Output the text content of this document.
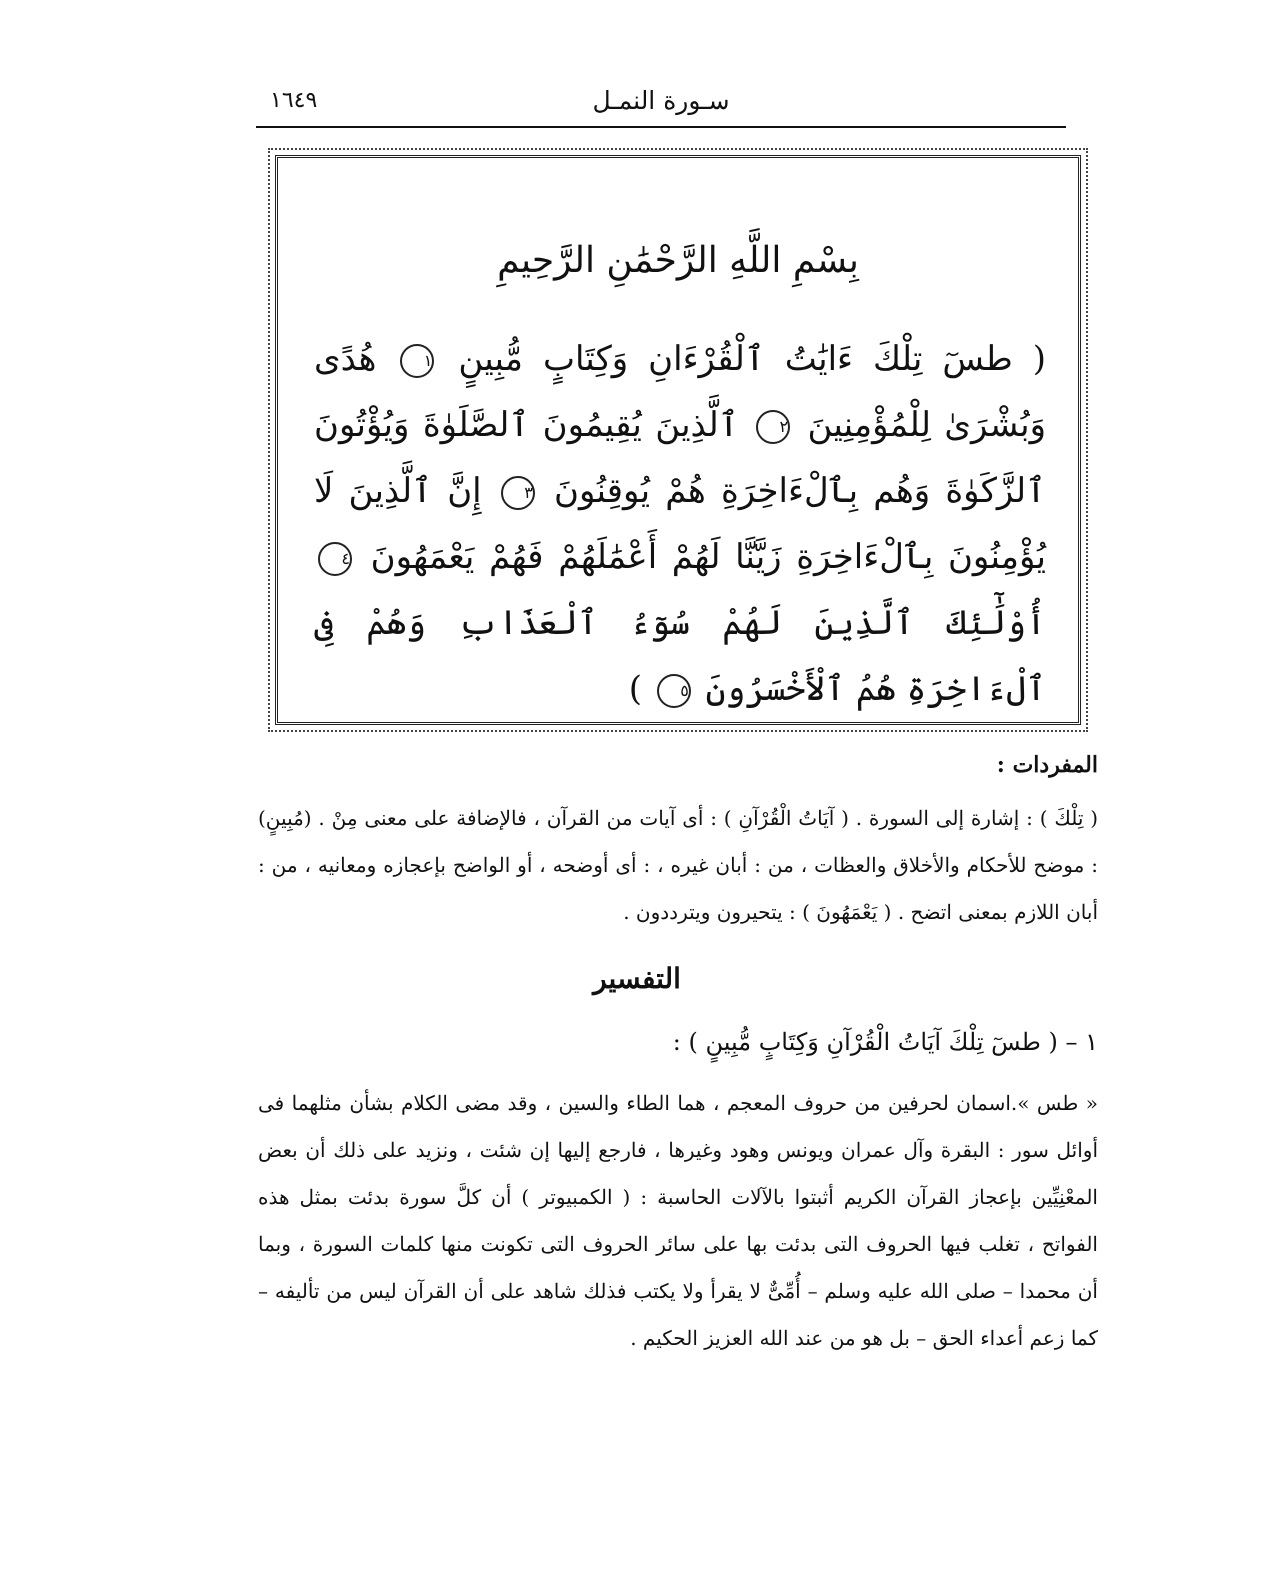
سـورة النمـل
١٦٤٩
بِسْمِ اللَّهِ الرَّحْمَٰنِ الرَّحِيمِ
( طسٓ تِلْكَ ءَايَٰتُ ٱلْقُرْءَانِ وَكِتَابٍ مُّبِينٍ ١ هُدًى وَبُشْرَىٰ لِلْمُؤْمِنِينَ ٢ ٱلَّذِينَ يُقِيمُونَ ٱلصَّلَوٰةَ وَيُؤْتُونَ ٱلزَّكَوٰةَ وَهُم بِٱلْءَاخِرَةِ هُمْ يُوقِنُونَ ٣ إِنَّ ٱلَّذِينَ لَا يُؤْمِنُونَ بِٱلْءَاخِرَةِ زَيَّنَّا لَهُمْ أَعْمَٰلَهُمْ فَهُمْ يَعْمَهُونَ ٤ أُوْلَٰٓئِكَ ٱلَّذِينَ لَهُمْ سُوٓءُ ٱلْعَذَابِ وَهُمْ فِى ٱلْءَاخِرَةِ هُمُ ٱلْأَخْسَرُونَ ٥ )
المفردات :

( تِلْكَ ) : إشارة إلى السورة . ( آيَاتُ الْقُرْآنِ ) : أى آيات من القرآن ، فالإضافة على معنى مِنْ . (مُبِينٍ) : موضح للأحكام والأخلاق والعظات ، من : أبان غيره ، : أى أوضحه ، أو الواضح بإعجازه ومعانيه ، من : أبان اللازم بمعنى اتضح . ( يَعْمَهُونَ ) : يتحيرون ويترددون .

التفسير
١ – ( طسٓ تِلْكَ آيَاتُ الْقُرْآنِ وَكِتَابٍ مُّبِينٍ ) :

« طس ».اسمان لحرفين من حروف المعجم ، هما الطاء والسين ، وقد مضى الكلام بشأن مثلهما فى أوائل سور : البقرة وآل عمران ويونس وهود وغيرها ، فارجع إليها إن شئت ، ونزيد على ذلك أن بعض المعْنِيِّين بإعجاز القرآن الكريم أثبتوا بالآلات الحاسبة : ( الكمبيوتر ) أن كلَّ سورة بدئت بمثل هذه الفواتح ، تغلب فيها الحروف التى بدئت بها على سائر الحروف التى تكونت منها كلمات السورة ، وبما أن محمدا – صلى الله عليه وسلم – أُمِّىٌّ لا يقرأ ولا يكتب فذلك شاهد على أن القرآن ليس من تأليفه – كما زعم أعداء الحق – بل هو من عند الله العزيز الحكيم .
